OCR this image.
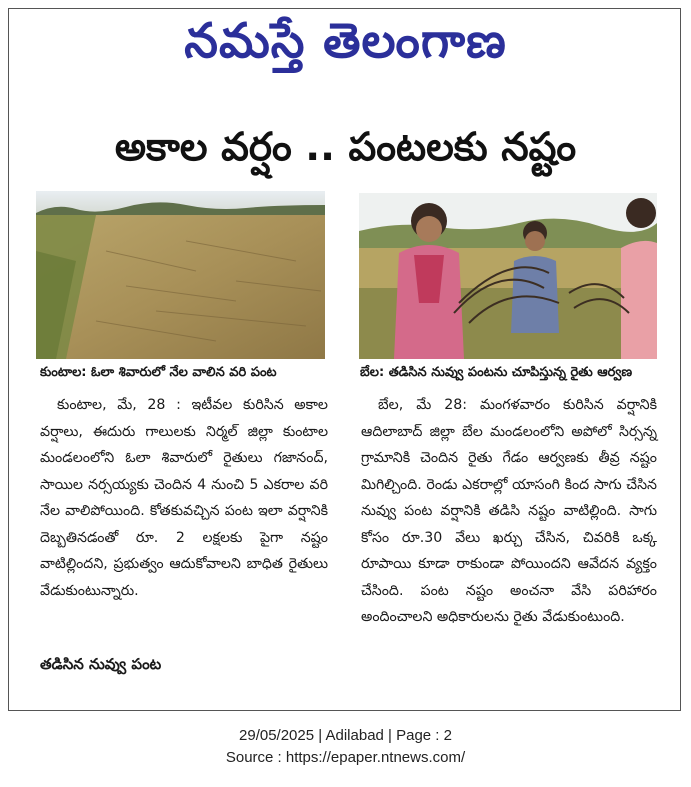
నమస్తే తెలంగాణ
అకాల వర్షం .. పంటలకు నష్టం
కుంటాల: ఓలా శివారులో నేల వాలిన వరి పంట	బేల: తడిసిన నువ్వు పంటను చూపిస్తున్న రైతు ఆర్వణ

కుంటాల, మే, 28 : ఇటీవల కురిసిన అకాల వర్షాలు, ఈదురు గాలులకు నిర్మల్ జిల్లా కుంటాల మండలంలోని ఓలా శివారులో రైతులు గజానంద్, సాయిల నర్సయ్యకు చెందిన 4 నుంచి 5 ఎకరాల వరి నేల వాలిపోయింది. కోతకువచ్చిన పంట ఇలా వర్షానికి దెబ్బతినడంతో రూ. 2 లక్షలకు పైగా నష్టం వాటిల్లిందని, ప్రభుత్వం ఆదుకోవాలని బాధిత రైతులు వేడుకుంటున్నారు.

తడిసిన నువ్వు పంట

బేల, మే 28: మంగళవారం కురిసిన వర్షానికి ఆదిలాబాద్ జిల్లా బేల మండలంలోని అపోలో సిర్సన్న గ్రామానికి చెందిన రైతు గేడం ఆర్వణకు తీవ్ర నష్టం మిగిల్చింది. రెండు ఎకరాల్లో యాసంగి కింద సాగు చేసిన నువ్వు పంట వర్షానికి తడిసి నష్టం వాటిల్లింది. సాగు కోసం రూ.30 వేలు ఖర్చు చేసిన, చివరికి ఒక్క రూపాయి కూడా రాకుండా పోయిందని ఆవేదన వ్యక్తం చేసింది. పంట నష్టం అంచనా వేసి పరిహారం అందించాలని అధికారులను రైతు వేడుకుంటుంది.

29/05/2025 | Adilabad | Page : 2
Source : https://epaper.ntnews.com/
